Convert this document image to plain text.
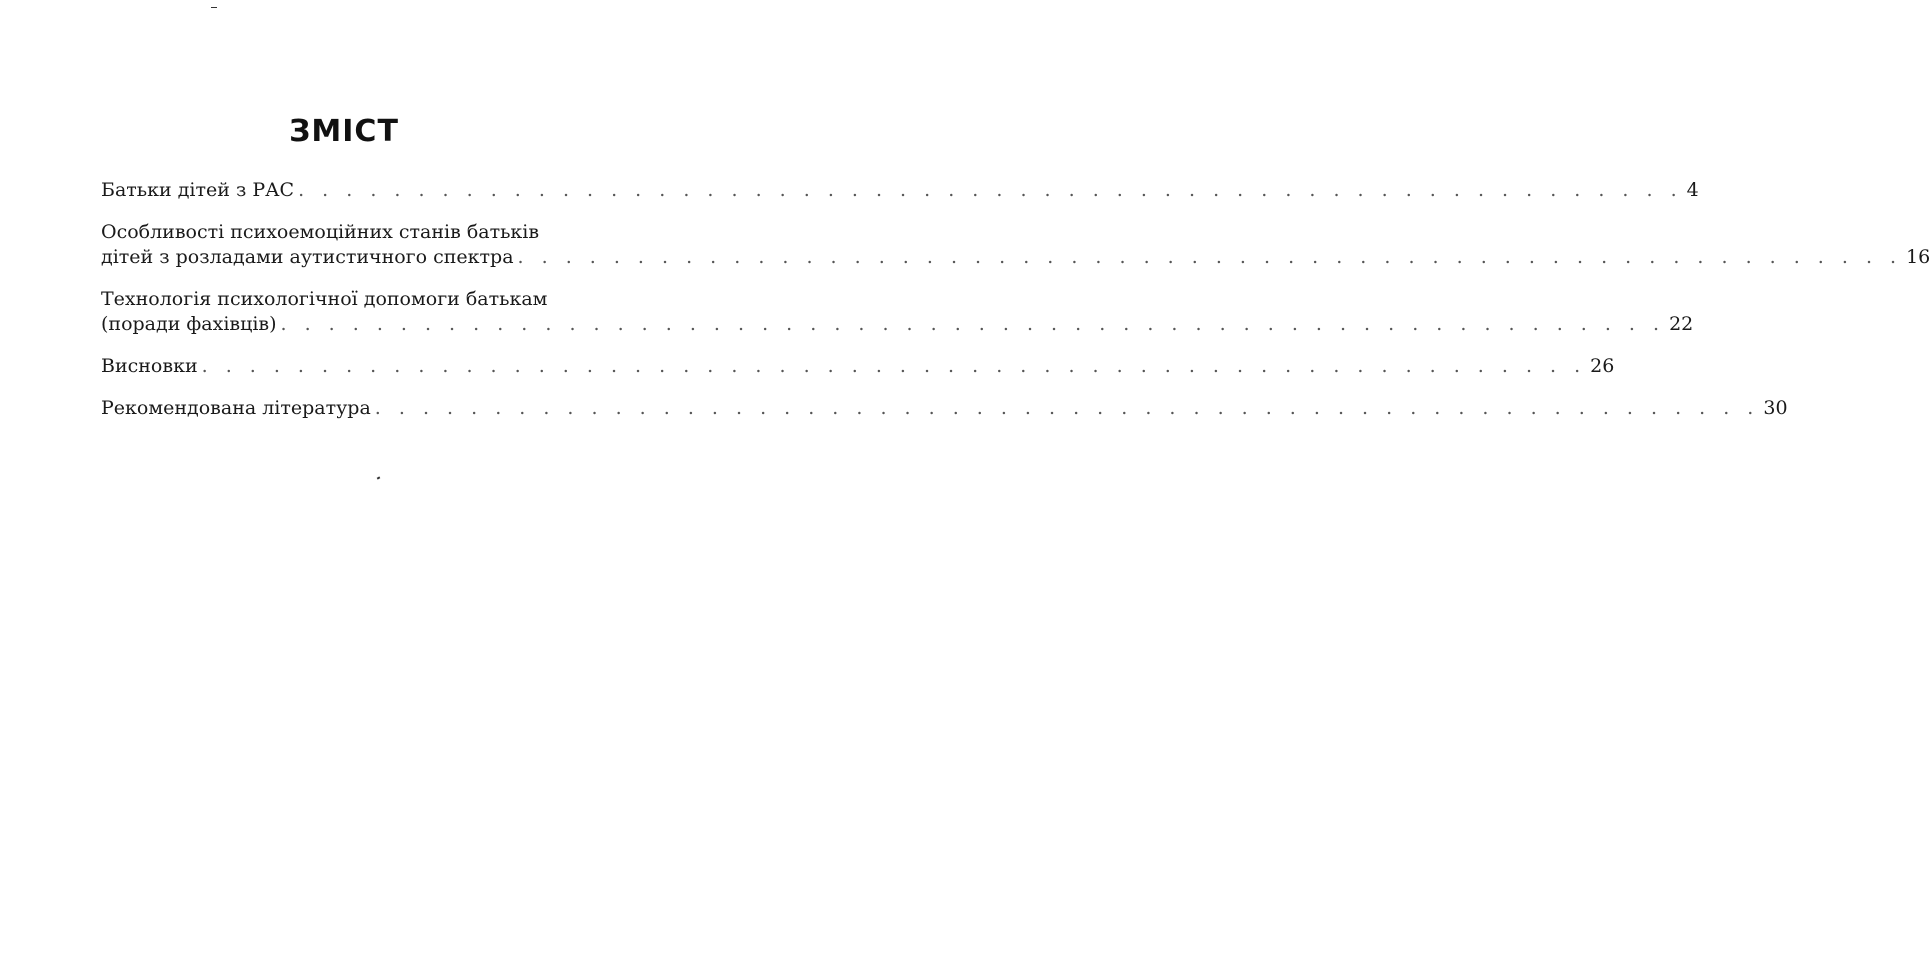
ЗМІСТ
Батьки дітей з РАС . . . . . . . . . . . . . . . . . . . . . . . . . . . . . . . . . . . . . . . . . . . . . . . . . . . . . . . . . . 4
Особливості психоемоційних станів батьків
дітей з розладами аутистичного спектра . . . . . . . . . . . . . . . . . . . . . . . . . . . . . . . . . . . . . . . . . . . . . . . . . . . . . . . . . . 16
Технологія психологічної допомоги батькам
(поради фахівців) . . . . . . . . . . . . . . . . . . . . . . . . . . . . . . . . . . . . . . . . . . . . . . . . . . . . . . . . . . 22
Висновки . . . . . . . . . . . . . . . . . . . . . . . . . . . . . . . . . . . . . . . . . . . . . . . . . . . . . . . . . . 26
Рекомендована література . . . . . . . . . . . . . . . . . . . . . . . . . . . . . . . . . . . . . . . . . . . . . . . . . . . . . . . . . . 30
